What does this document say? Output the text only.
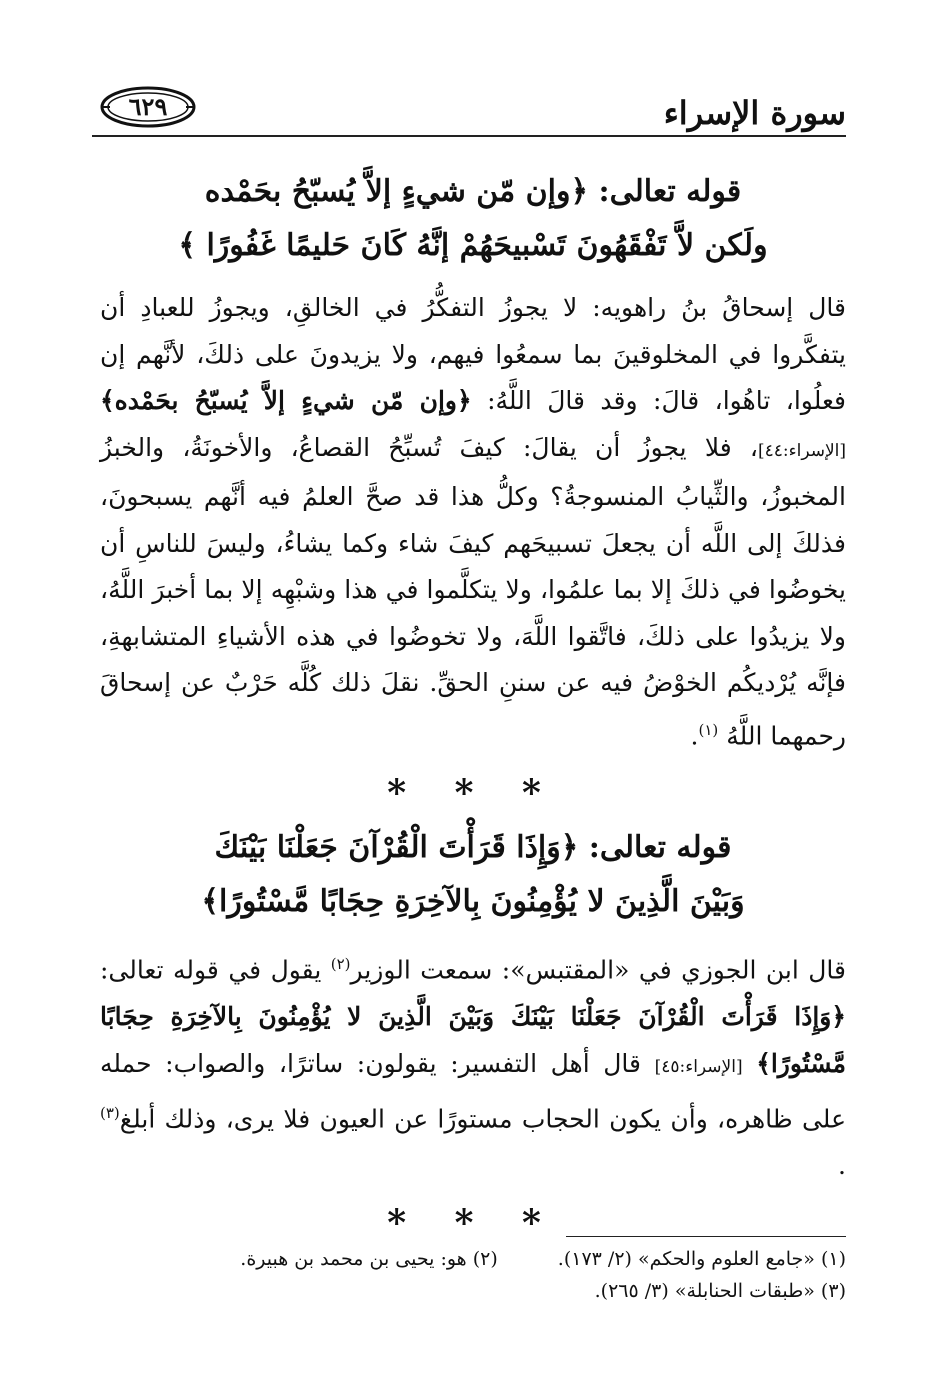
سورة الإسراء
٦٢٩
قوله تعالى: ﴿وإن مّن شيءٍ إلاَّ يُسبّحُ بحَمْده
ولَكن لاَّ تَفْقَهُونَ تَسْبيحَهُمْ إنَّهُ كَانَ حَليمًا غَفُورًا ﴾

قال إسحاقُ بنُ راهويه: لا يجوزُ التفكُّرُ في الخالقِ، ويجوزُ للعبادِ أن يتفكَّروا في المخلوقينَ بما سمعُوا فيهم، ولا يزيدونَ على ذلكَ، لأنَّهم إن فعلُوا، تاهُوا، قالَ: وقد قالَ اللَّهُ: ﴿وإن مّن شيءٍ إلاَّ يُسبّحُ بحَمْده﴾ [الإسراء:٤٤]، فلا يجوزُ أن يقالَ: كيفَ تُسبِّحُ القصاعُ، والأخونَةُ، والخبزُ المخبوزُ، والثِّيابُ المنسوجةُ؟ وكلُّ هذا قد صحَّ العلمُ فيه أنَّهم يسبحونَ، فذلكَ إلى اللَّه أن يجعلَ تسبيحَهم كيفَ شاء وكما يشاءُ، وليسَ للناسِ أن يخوضُوا في ذلكَ إلا بما علمُوا، ولا يتكلَّموا في هذا وشبْهِه إلا بما أخبرَ اللَّهُ، ولا يزيدُوا على ذلكَ، فاتَّقوا اللَّهَ، ولا تخوضُوا في هذه الأشياءِ المتشابهةِ، فإنَّه يُرْديكُم الخوْضُ فيه عن سننِ الحقِّ. نقلَ ذلك كُلَّه حَرْبٌ عن إسحاقَ رحمهما اللَّهُ $^{(١)}$.

* * *
قوله تعالى: ﴿وَإِذَا قَرَأْتَ الْقُرْآنَ جَعَلْنَا بَيْنَكَ
وَبَيْنَ الَّذِينَ لا يُؤْمِنُونَ بِالآخِرَةِ حِجَابًا مَّسْتُورًا﴾

قال ابن الجوزي في «المقتبس»: سمعت الوزير$^{(٢)}$ يقول في قوله تعالى: ﴿وَإِذَا قَرَأْتَ الْقُرْآنَ جَعَلْنَا بَيْنَكَ وَبَيْنَ الَّذِينَ لا يُؤْمِنُونَ بِالآخِرَةِ حِجَابًا مَّسْتُورًا﴾ [الإسراء:٤٥] قال أهل التفسير: يقولون: ساترًا، والصواب: حمله على ظاهره، وأن يكون الحجاب مستورًا عن العيون فلا يرى، وذلك أبلغ$^{(٣)}$ .

* * *
(١) «جامع العلوم والحكم» (٢/ ١٧٣).
(٢) هو: يحيى بن محمد بن هبيرة.
(٣) «طبقات الحنابلة» (٣/ ٢٦٥).
